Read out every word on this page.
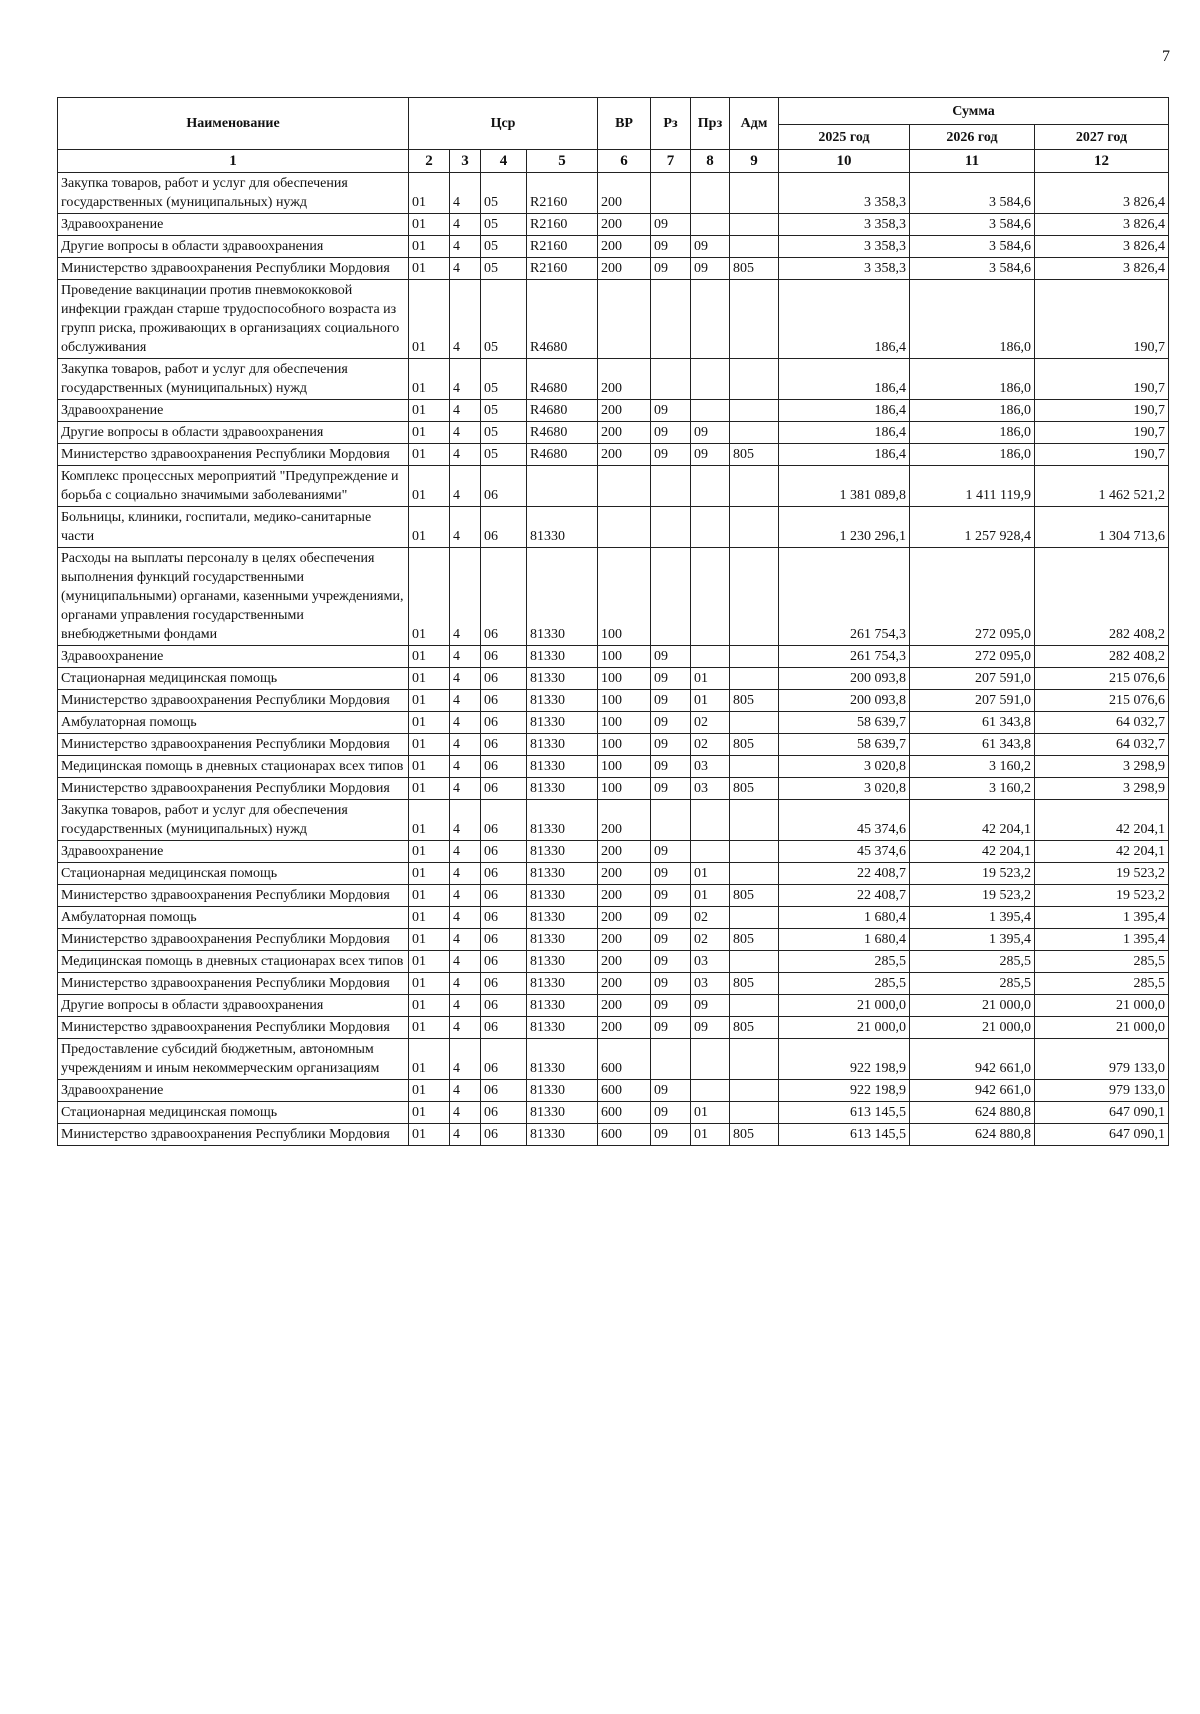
7
Наименование	Цср				ВР	Рз	Прз	Адм	Сумма		
									2025 год	2026 год	2027 год
1	2	3	4	5	6	7	8	9	10	11	12
Закупка товаров, работ и услуг для обеспечения государственных (муниципальных) нужд	01	4	05	R2160	200				3 358,3	3 584,6	3 826,4
Здравоохранение	01	4	05	R2160	200	09			3 358,3	3 584,6	3 826,4
Другие вопросы в области здравоохранения	01	4	05	R2160	200	09	09		3 358,3	3 584,6	3 826,4
Министерство здравоохранения Республики Мордовия	01	4	05	R2160	200	09	09	805	3 358,3	3 584,6	3 826,4
Проведение вакцинации против пневмококковой инфекции граждан старше трудоспособного возраста из групп риска, проживающих в организациях социального обслуживания	01	4	05	R4680					186,4	186,0	190,7
Закупка товаров, работ и услуг для обеспечения государственных (муниципальных) нужд	01	4	05	R4680	200				186,4	186,0	190,7
Здравоохранение	01	4	05	R4680	200	09			186,4	186,0	190,7
Другие вопросы в области здравоохранения	01	4	05	R4680	200	09	09		186,4	186,0	190,7
Министерство здравоохранения Республики Мордовия	01	4	05	R4680	200	09	09	805	186,4	186,0	190,7
Комплекс процессных мероприятий "Предупреждение и борьба с социально значимыми заболеваниями"	01	4	06						1 381 089,8	1 411 119,9	1 462 521,2
Больницы, клиники, госпитали, медико-санитарные части	01	4	06	81330					1 230 296,1	1 257 928,4	1 304 713,6
Расходы на выплаты персоналу в целях обеспечения выполнения функций государственными (муниципальными) органами, казенными учреждениями, органами управления государственными внебюджетными фондами	01	4	06	81330	100				261 754,3	272 095,0	282 408,2
Здравоохранение	01	4	06	81330	100	09			261 754,3	272 095,0	282 408,2
Стационарная медицинская помощь	01	4	06	81330	100	09	01		200 093,8	207 591,0	215 076,6
Министерство здравоохранения Республики Мордовия	01	4	06	81330	100	09	01	805	200 093,8	207 591,0	215 076,6
Амбулаторная помощь	01	4	06	81330	100	09	02		58 639,7	61 343,8	64 032,7
Министерство здравоохранения Республики Мордовия	01	4	06	81330	100	09	02	805	58 639,7	61 343,8	64 032,7
Медицинская помощь в дневных стационарах всех типов	01	4	06	81330	100	09	03		3 020,8	3 160,2	3 298,9
Министерство здравоохранения Республики Мордовия	01	4	06	81330	100	09	03	805	3 020,8	3 160,2	3 298,9
Закупка товаров, работ и услуг для обеспечения государственных (муниципальных) нужд	01	4	06	81330	200				45 374,6	42 204,1	42 204,1
Здравоохранение	01	4	06	81330	200	09			45 374,6	42 204,1	42 204,1
Стационарная медицинская помощь	01	4	06	81330	200	09	01		22 408,7	19 523,2	19 523,2
Министерство здравоохранения Республики Мордовия	01	4	06	81330	200	09	01	805	22 408,7	19 523,2	19 523,2
Амбулаторная помощь	01	4	06	81330	200	09	02		1 680,4	1 395,4	1 395,4
Министерство здравоохранения Республики Мордовия	01	4	06	81330	200	09	02	805	1 680,4	1 395,4	1 395,4
Медицинская помощь в дневных стационарах всех типов	01	4	06	81330	200	09	03		285,5	285,5	285,5
Министерство здравоохранения Республики Мордовия	01	4	06	81330	200	09	03	805	285,5	285,5	285,5
Другие вопросы в области здравоохранения	01	4	06	81330	200	09	09		21 000,0	21 000,0	21 000,0
Министерство здравоохранения Республики Мордовия	01	4	06	81330	200	09	09	805	21 000,0	21 000,0	21 000,0
Предоставление субсидий бюджетным, автономным учреждениям и иным некоммерческим организациям	01	4	06	81330	600				922 198,9	942 661,0	979 133,0
Здравоохранение	01	4	06	81330	600	09			922 198,9	942 661,0	979 133,0
Стационарная медицинская помощь	01	4	06	81330	600	09	01		613 145,5	624 880,8	647 090,1
Министерство здравоохранения Республики Мордовия	01	4	06	81330	600	09	01	805	613 145,5	624 880,8	647 090,1
